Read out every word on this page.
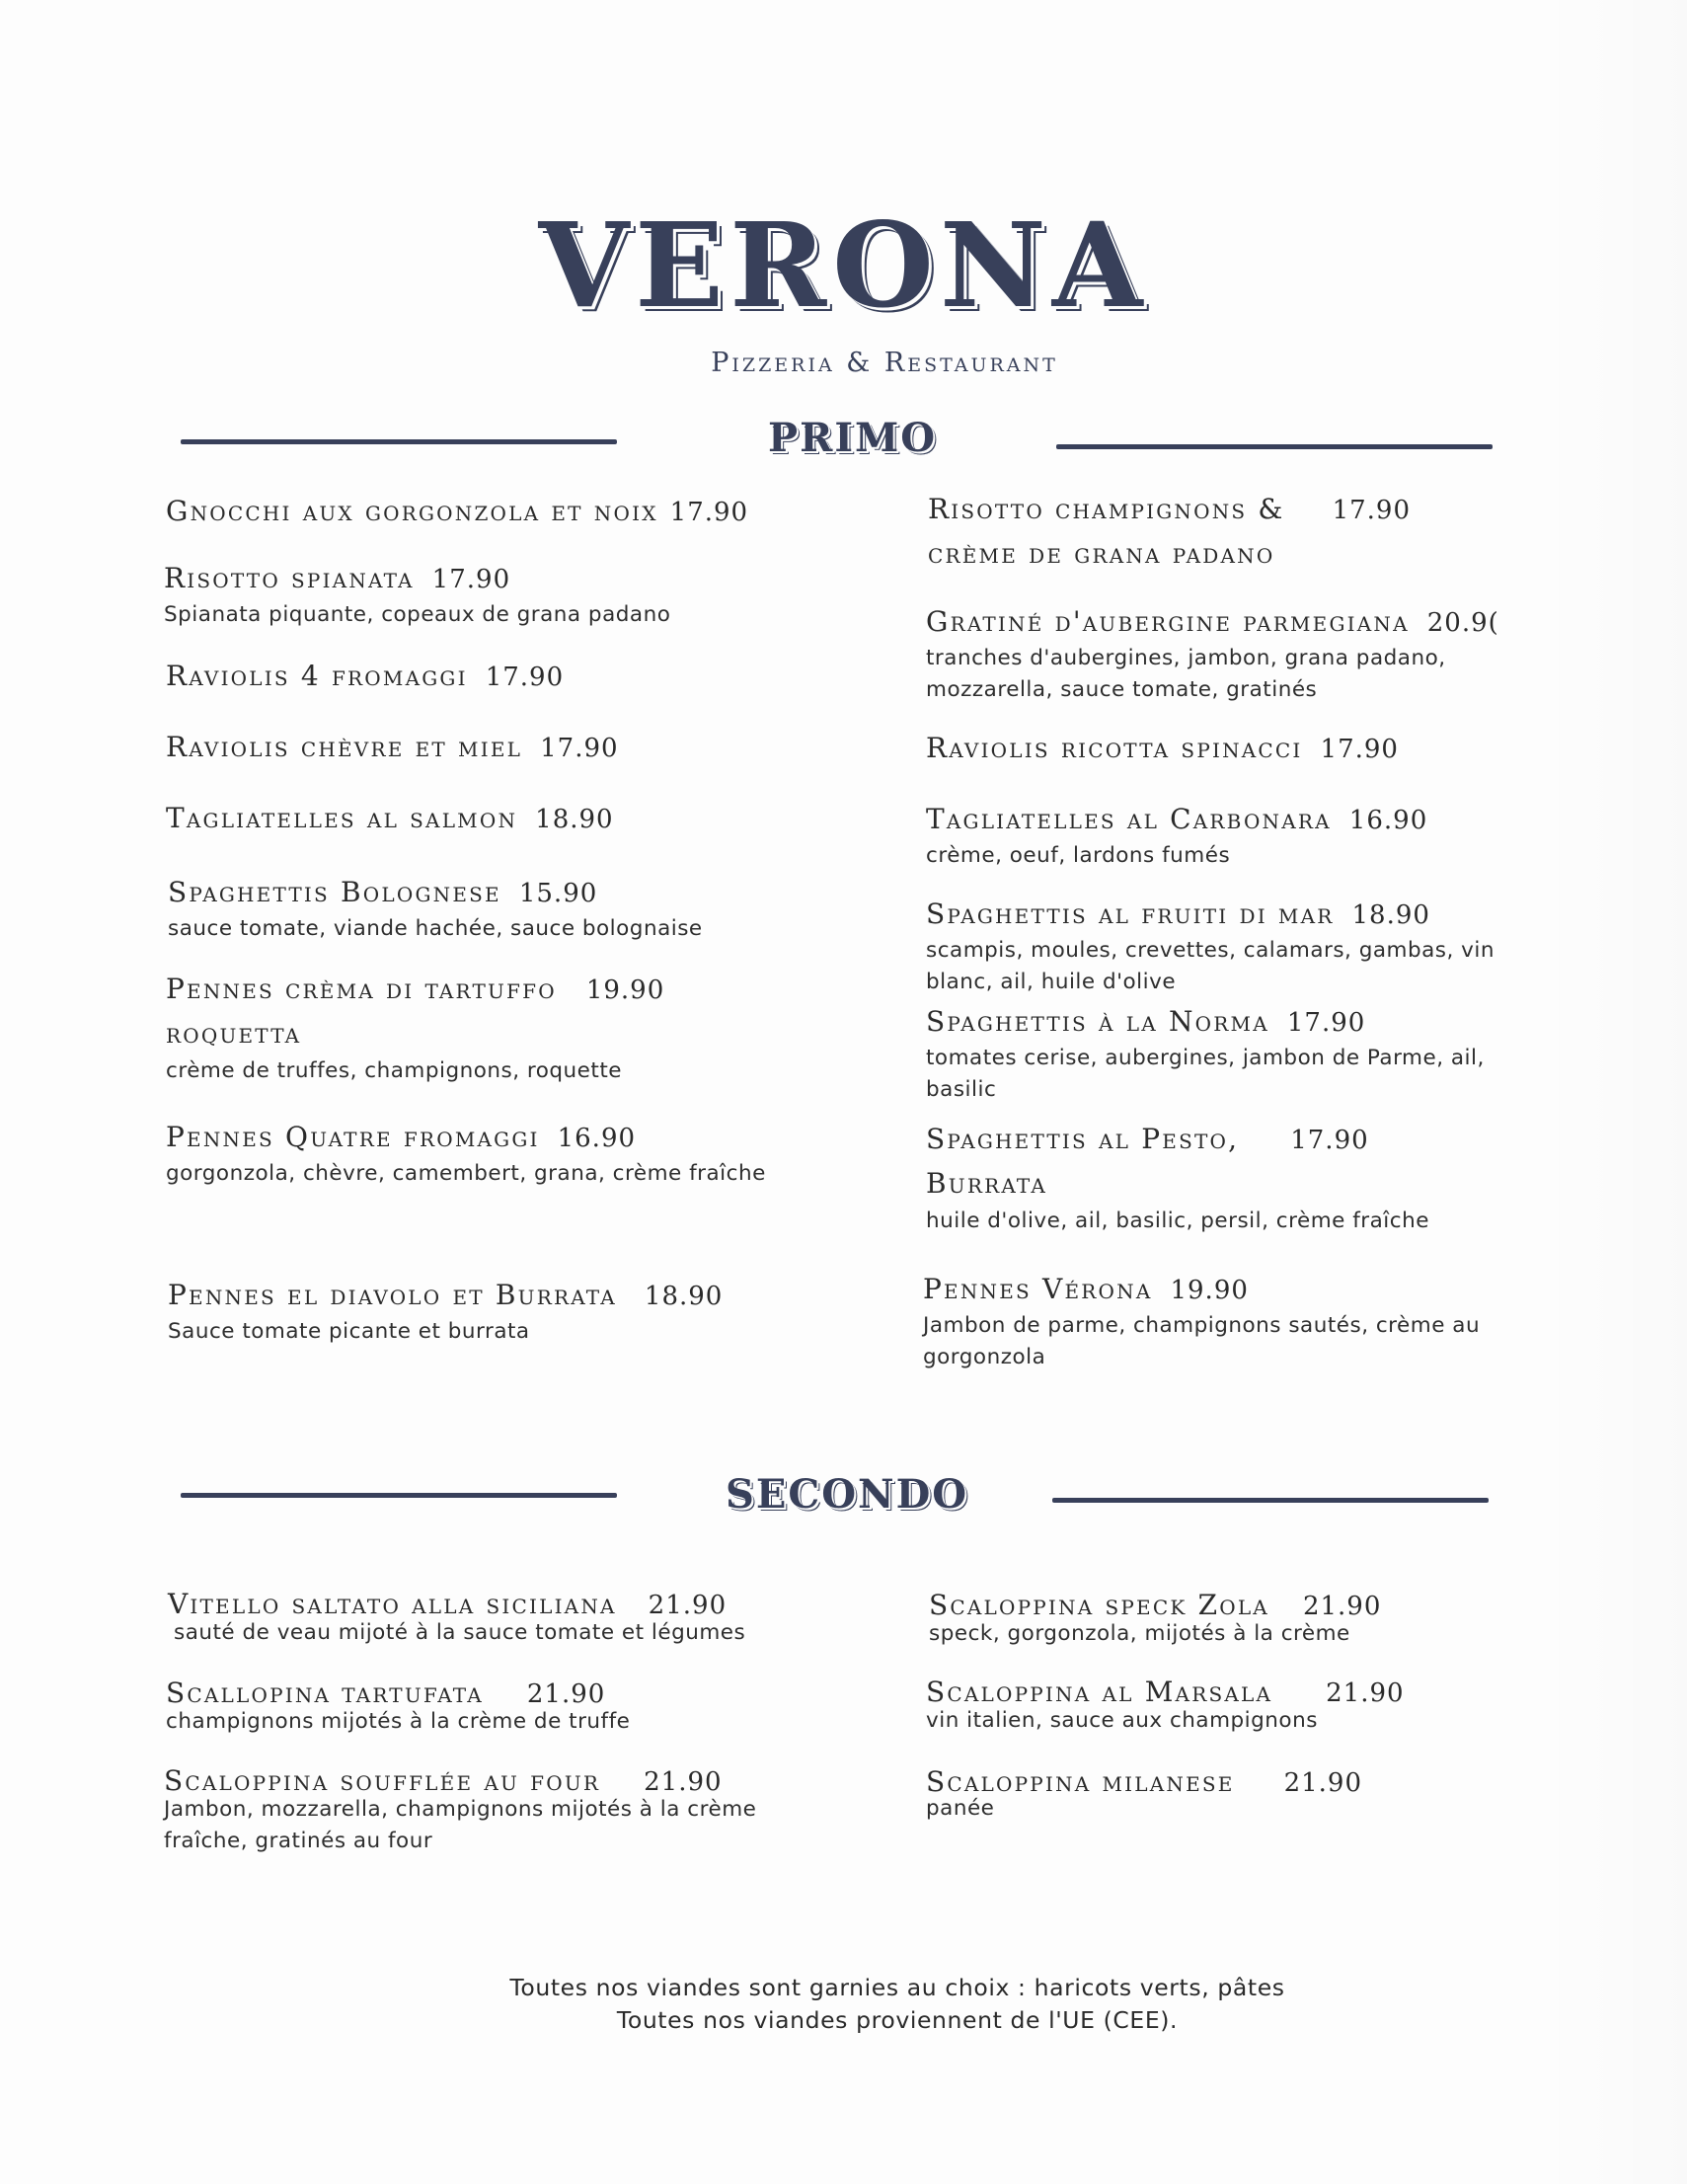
VERONA
Pizzeria & Restaurant
PRIMO
Gnocchi aux gorgonzola et noix 17.90
Risotto spianata 17.90
Spianata piquante, copeaux de grana padano
Raviolis 4 fromaggi 17.90
Raviolis chèvre et miel 17.90
Tagliatelles al salmon 18.90
Spaghettis Bolognese 15.90
sauce tomate, viande hachée, sauce bolognaise
Pennes crèma di tartuffo 19.90
roquetta
crème de truffes, champignons, roquette
Pennes Quatre fromaggi 16.90
gorgonzola, chèvre, camembert, grana, crème fraîche
Pennes el diavolo et Burrata 18.90
Sauce tomate picante et burrata
Risotto champignons & 17.90
crème de grana padano
Gratiné d'aubergine parmegiana 20.9(
tranches d'aubergines, jambon, grana padano,
mozzarella, sauce tomate, gratinés
Raviolis ricotta spinacci 17.90
Tagliatelles al Carbonara 16.90
crème, oeuf, lardons fumés
Spaghettis al fruiti di mar 18.90
scampis, moules, crevettes, calamars, gambas, vin
blanc, ail, huile d'olive
Spaghettis à la Norma 17.90
tomates cerise, aubergines, jambon de Parme, ail,
basilic
Spaghettis al Pesto, 17.90
Burrata
huile d'olive, ail, basilic, persil, crème fraîche
Pennes Vérona 19.90
Jambon de parme, champignons sautés, crème au
gorgonzola
SECONDO
Vitello saltato alla siciliana 21.90
sauté de veau mijoté à la sauce tomate et légumes
Scallopina tartufata 21.90
champignons mijotés à la crème de truffe
Scaloppina soufflée au four 21.90
Jambon, mozzarella, champignons mijotés à la crème
fraîche, gratinés au four
Scaloppina speck Zola 21.90
speck, gorgonzola, mijotés à la crème
Scaloppina al Marsala 21.90
vin italien, sauce aux champignons
Scaloppina milanese 21.90
panée
Toutes nos viandes sont garnies au choix : haricots verts, pâtes
Toutes nos viandes proviennent de l'UE (CEE).
